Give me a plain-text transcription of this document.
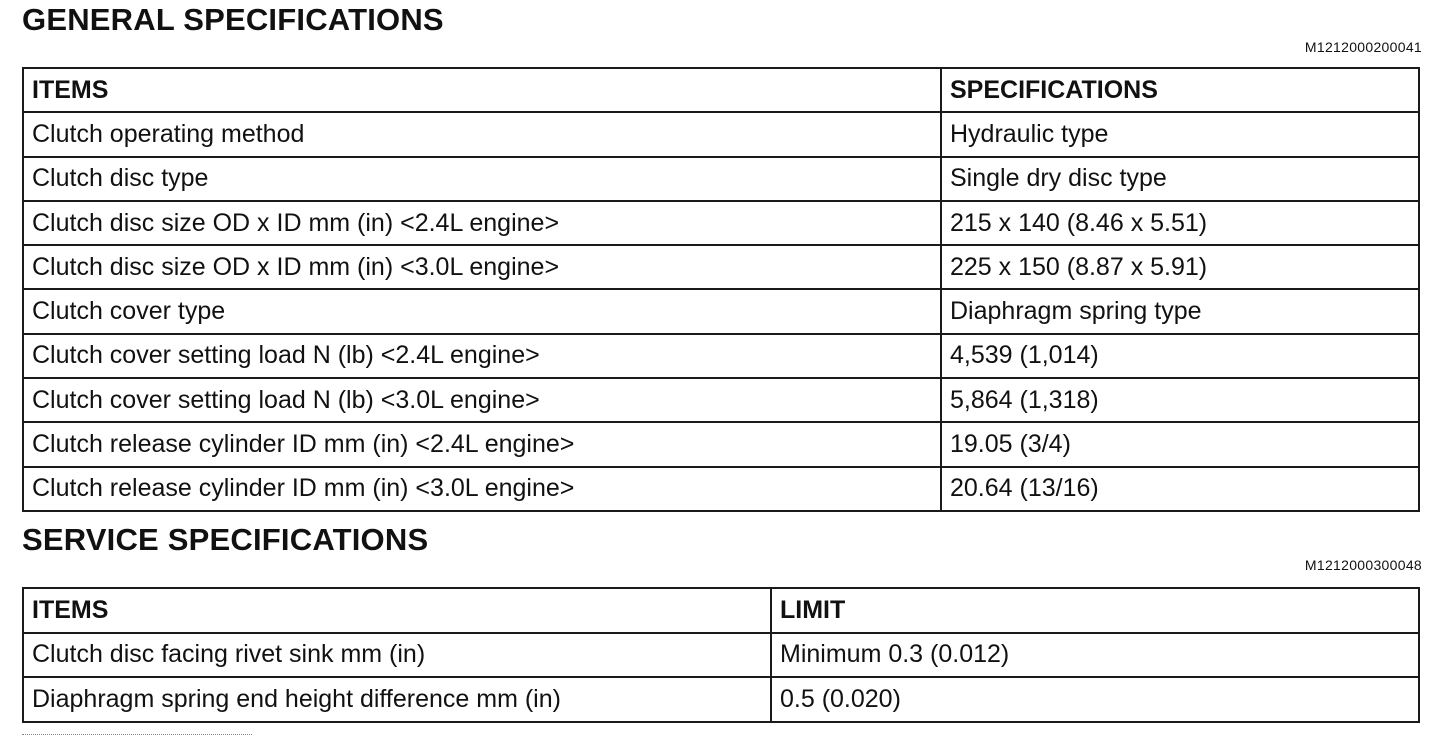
GENERAL SPECIFICATIONS
M1212000200041
ITEMS	SPECIFICATIONS
Clutch operating method	Hydraulic type
Clutch disc type	Single dry disc type
Clutch disc size OD x ID mm (in) <2.4L engine>	215 x 140 (8.46 x 5.51)
Clutch disc size OD x ID mm (in) <3.0L engine>	225 x 150 (8.87 x 5.91)
Clutch cover type	Diaphragm spring type
Clutch cover setting load N (lb) <2.4L engine>	4,539 (1,014)
Clutch cover setting load N (lb) <3.0L engine>	5,864 (1,318)
Clutch release cylinder ID mm (in) <2.4L engine>	19.05 (3/4)
Clutch release cylinder ID mm (in) <3.0L engine>	20.64 (13/16)
SERVICE SPECIFICATIONS
M1212000300048
ITEMS	LIMIT
Clutch disc facing rivet sink mm (in)	Minimum 0.3 (0.012)
Diaphragm spring end height difference mm (in)	0.5 (0.020)
